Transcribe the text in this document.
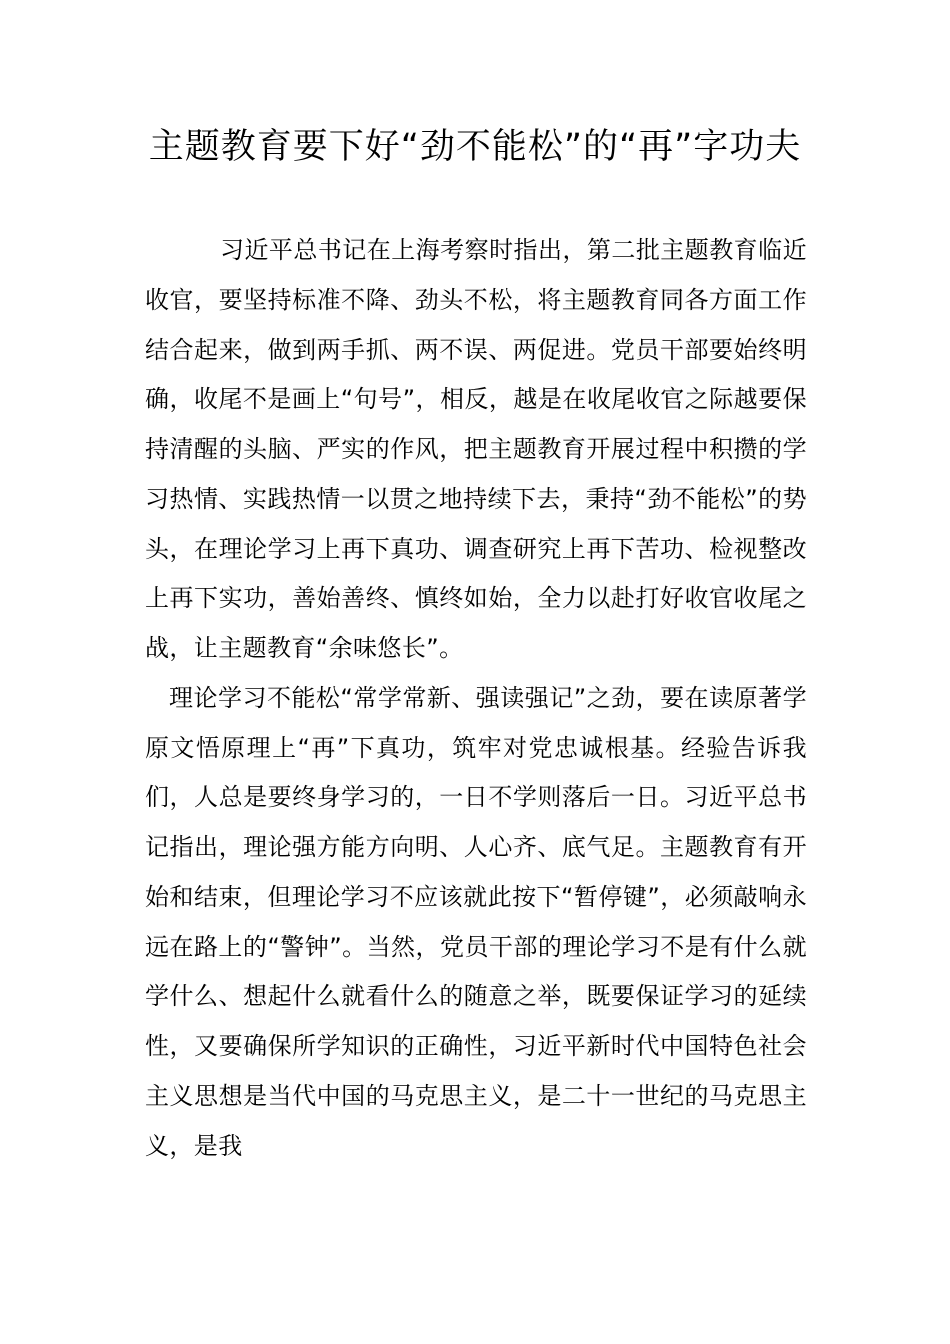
主题教育要下好“劲不能松”的“再”字功夫

习近平总书记在上海考察时指出，第二批主题教育临近收官，要坚持标准不降、劲头不松，将主题教育同各方面工作结合起来，做到两手抓、两不误、两促进。党员干部要始终明确，收尾不是画上“句号”，相反，越是在收尾收官之际越要保持清醒的头脑、严实的作风，把主题教育开展过程中积攒的学习热情、实践热情一以贯之地持续下去，秉持“劲不能松”的势头，在理论学习上再下真功、调查研究上再下苦功、检视整改上再下实功，善始善终、慎终如始，全力以赴打好收官收尾之战，让主题教育“余味悠长”。

理论学习不能松“常学常新、强读强记”之劲，要在读原著学原文悟原理上“再”下真功，筑牢对党忠诚根基。经验告诉我们，人总是要终身学习的，一日不学则落后一日。习近平总书记指出，理论强方能方向明、人心齐、底气足。主题教育有开始和结束，但理论学习不应该就此按下“暂停键”，必须敲响永远在路上的“警钟”。当然，党员干部的理论学习不是有什么就学什么、想起什么就看什么的随意之举，既要保证学习的延续性，又要确保所学知识的正确性，习近平新时代中国特色社会主义思想是当代中国的马克思主义，是二十一世纪的马克思主义，是我
